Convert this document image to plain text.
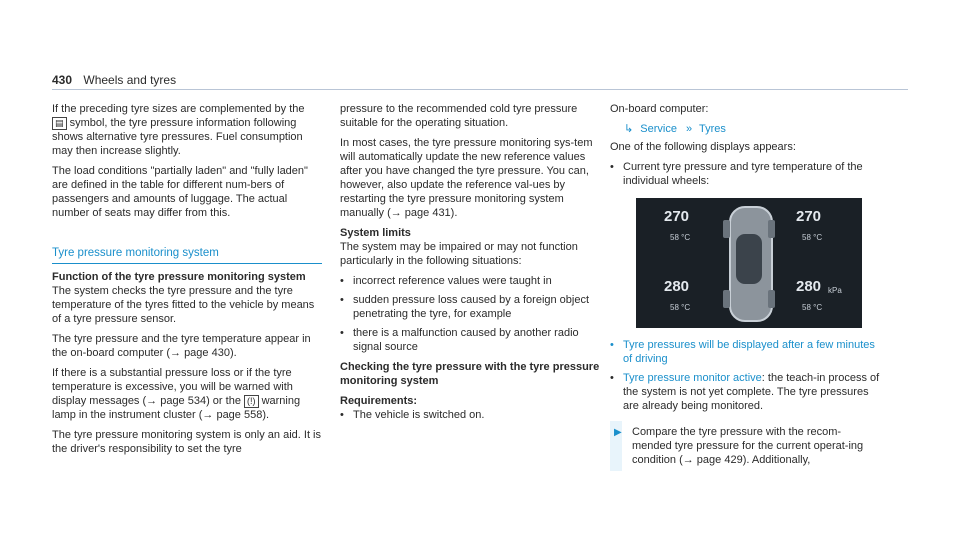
430 Wheels and tyres

If the preceding tyre sizes are complemented by the ▤ symbol, the tyre pressure information following shows alternative tyre pressures. Fuel consumption may then increase slightly.

The load conditions "partially laden" and "fully laden" are defined in the table for different num-bers of passengers and amounts of luggage. The actual number of seats may differ from this.

Tyre pressure monitoring system
Function of the tyre pressure monitoring system

The system checks the tyre pressure and the tyre temperature of the tyres fitted to the vehicle by means of a tyre pressure sensor.

The tyre pressure and the tyre temperature appear in the on-board computer (→ page 430).

If there is a substantial pressure loss or if the tyre temperature is excessive, you will be warned with display messages (→ page 534) or the (!) warning lamp in the instrument cluster (→ page 558).

The tyre pressure monitoring system is only an aid. It is the driver's responsibility to set the tyre

pressure to the recommended cold tyre pressure suitable for the operating situation.

In most cases, the tyre pressure monitoring sys-tem will automatically update the new reference values after you have changed the tyre pressure. You can, however, also update the reference val-ues by restarting the tyre pressure monitoring system manually (→ page 431).

System limits

The system may be impaired or may not function particularly in the following situations:

• incorrect reference values were taught in
• sudden pressure loss caused by a foreign object penetrating the tyre, for example
• there is a malfunction caused by another radio signal source
Checking the tyre pressure with the tyre pressure monitoring system
Requirements:
• The vehicle is switched on.

On-board computer:

↳ Service » Tyres

One of the following displays appears:

• Current tyre pressure and tyre temperature of the individual wheels:
270
58 °C
270
58 °C
280
58 °C
280 kPa
58 °C
• Tyre pressures will be displayed after a few minutes of driving
• Tyre pressure monitor active: the teach-in process of the system is not yet complete. The tyre pressures are already being monitored.
▶ Compare the tyre pressure with the recom-mended tyre pressure for the current operat-ing condition (→ page 429). Additionally,
